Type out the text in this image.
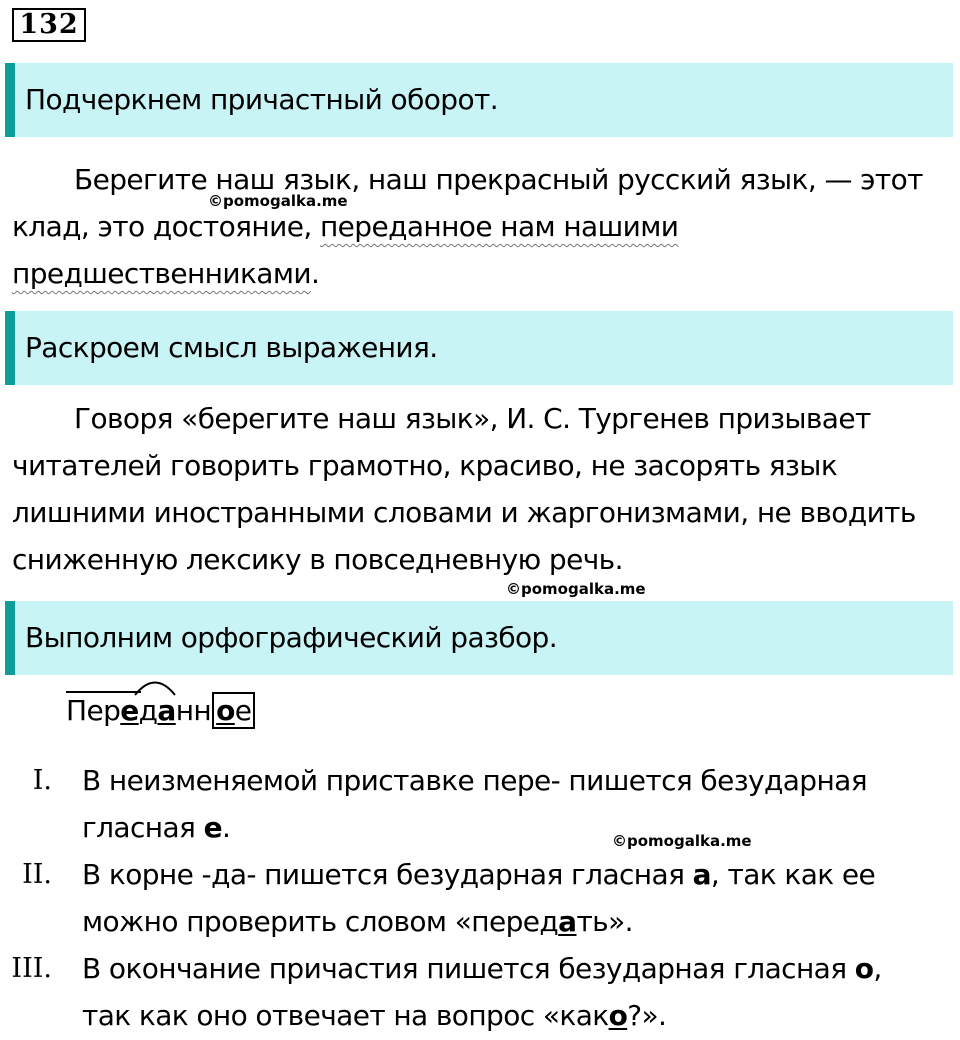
132
Подчеркнем причастный оборот.

Берегите наш язык, наш прекрасный русский язык, — этот клад, это достояние, переданное нам нашими предшественниками.

©pomogalka.me
Раскроем смысл выражения.

Говоря «берегите наш язык», И. С. Тургенев призывает читателей говорить грамотно, красиво, не засорять язык лишними иностранными словами и жаргонизмами, не вводить сниженную лексику в повседневную речь.

©pomogalka.me
Выполним орфографический разбор.
Пере
данн ое
I. В неизменяемой приставке пере- пишется безударная гласная е.	©pomogalka.me
II. В корне -да- пишется безударная гласная а, так как ее можно проверить словом «передать».
III. В окончание причастия пишется безударная гласная о, так как оно отвечает на вопрос «како?».
